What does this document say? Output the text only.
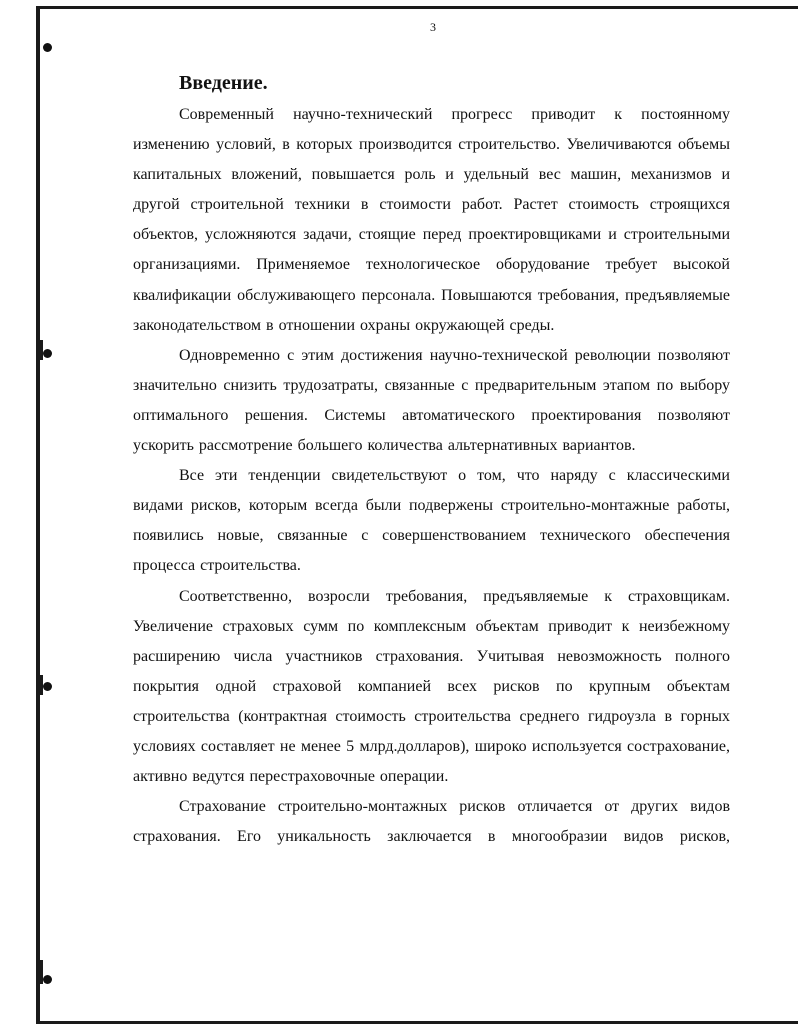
3
Введение.

Современный научно-технический прогресс приводит к постоянному изменению условий, в которых производится строительство. Увеличиваются объемы капитальных вложений, повышается роль и удельный вес машин, механизмов и другой строительной техники в стоимости работ. Растет стоимость строящихся объектов, усложняются задачи, стоящие перед проектировщиками и строительными организациями. Применяемое технологическое оборудование требует высокой квалификации обслуживающего персонала. Повышаются требования, предъявляемые законодательством в отношении охраны окружающей среды.

Одновременно с этим достижения научно-технической революции позволяют значительно снизить трудозатраты, связанные с предварительным этапом по выбору оптимального решения. Системы автоматического проектирования позволяют ускорить рассмотрение большего количества альтернативных вариантов.

Все эти тенденции свидетельствуют о том, что наряду с классическими видами рисков, которым всегда были подвержены строительно-монтажные работы, появились новые, связанные с совершенствованием технического обеспечения процесса строительства.

Соответственно, возросли требования, предъявляемые к страховщикам. Увеличение страховых сумм по комплексным объектам приводит к неизбежному расширению числа участников страхования. Учитывая невозможность полного покрытия одной страховой компанией всех рисков по крупным объектам строительства (контрактная стоимость строительства среднего гидроузла в горных условиях составляет не менее 5 млрд.долларов), широко используется сострахование, активно ведутся перестраховочные операции.

Страхование строительно-монтажных рисков отличается от других видов страхования. Его уникальность заключается в многообразии видов рисков,
